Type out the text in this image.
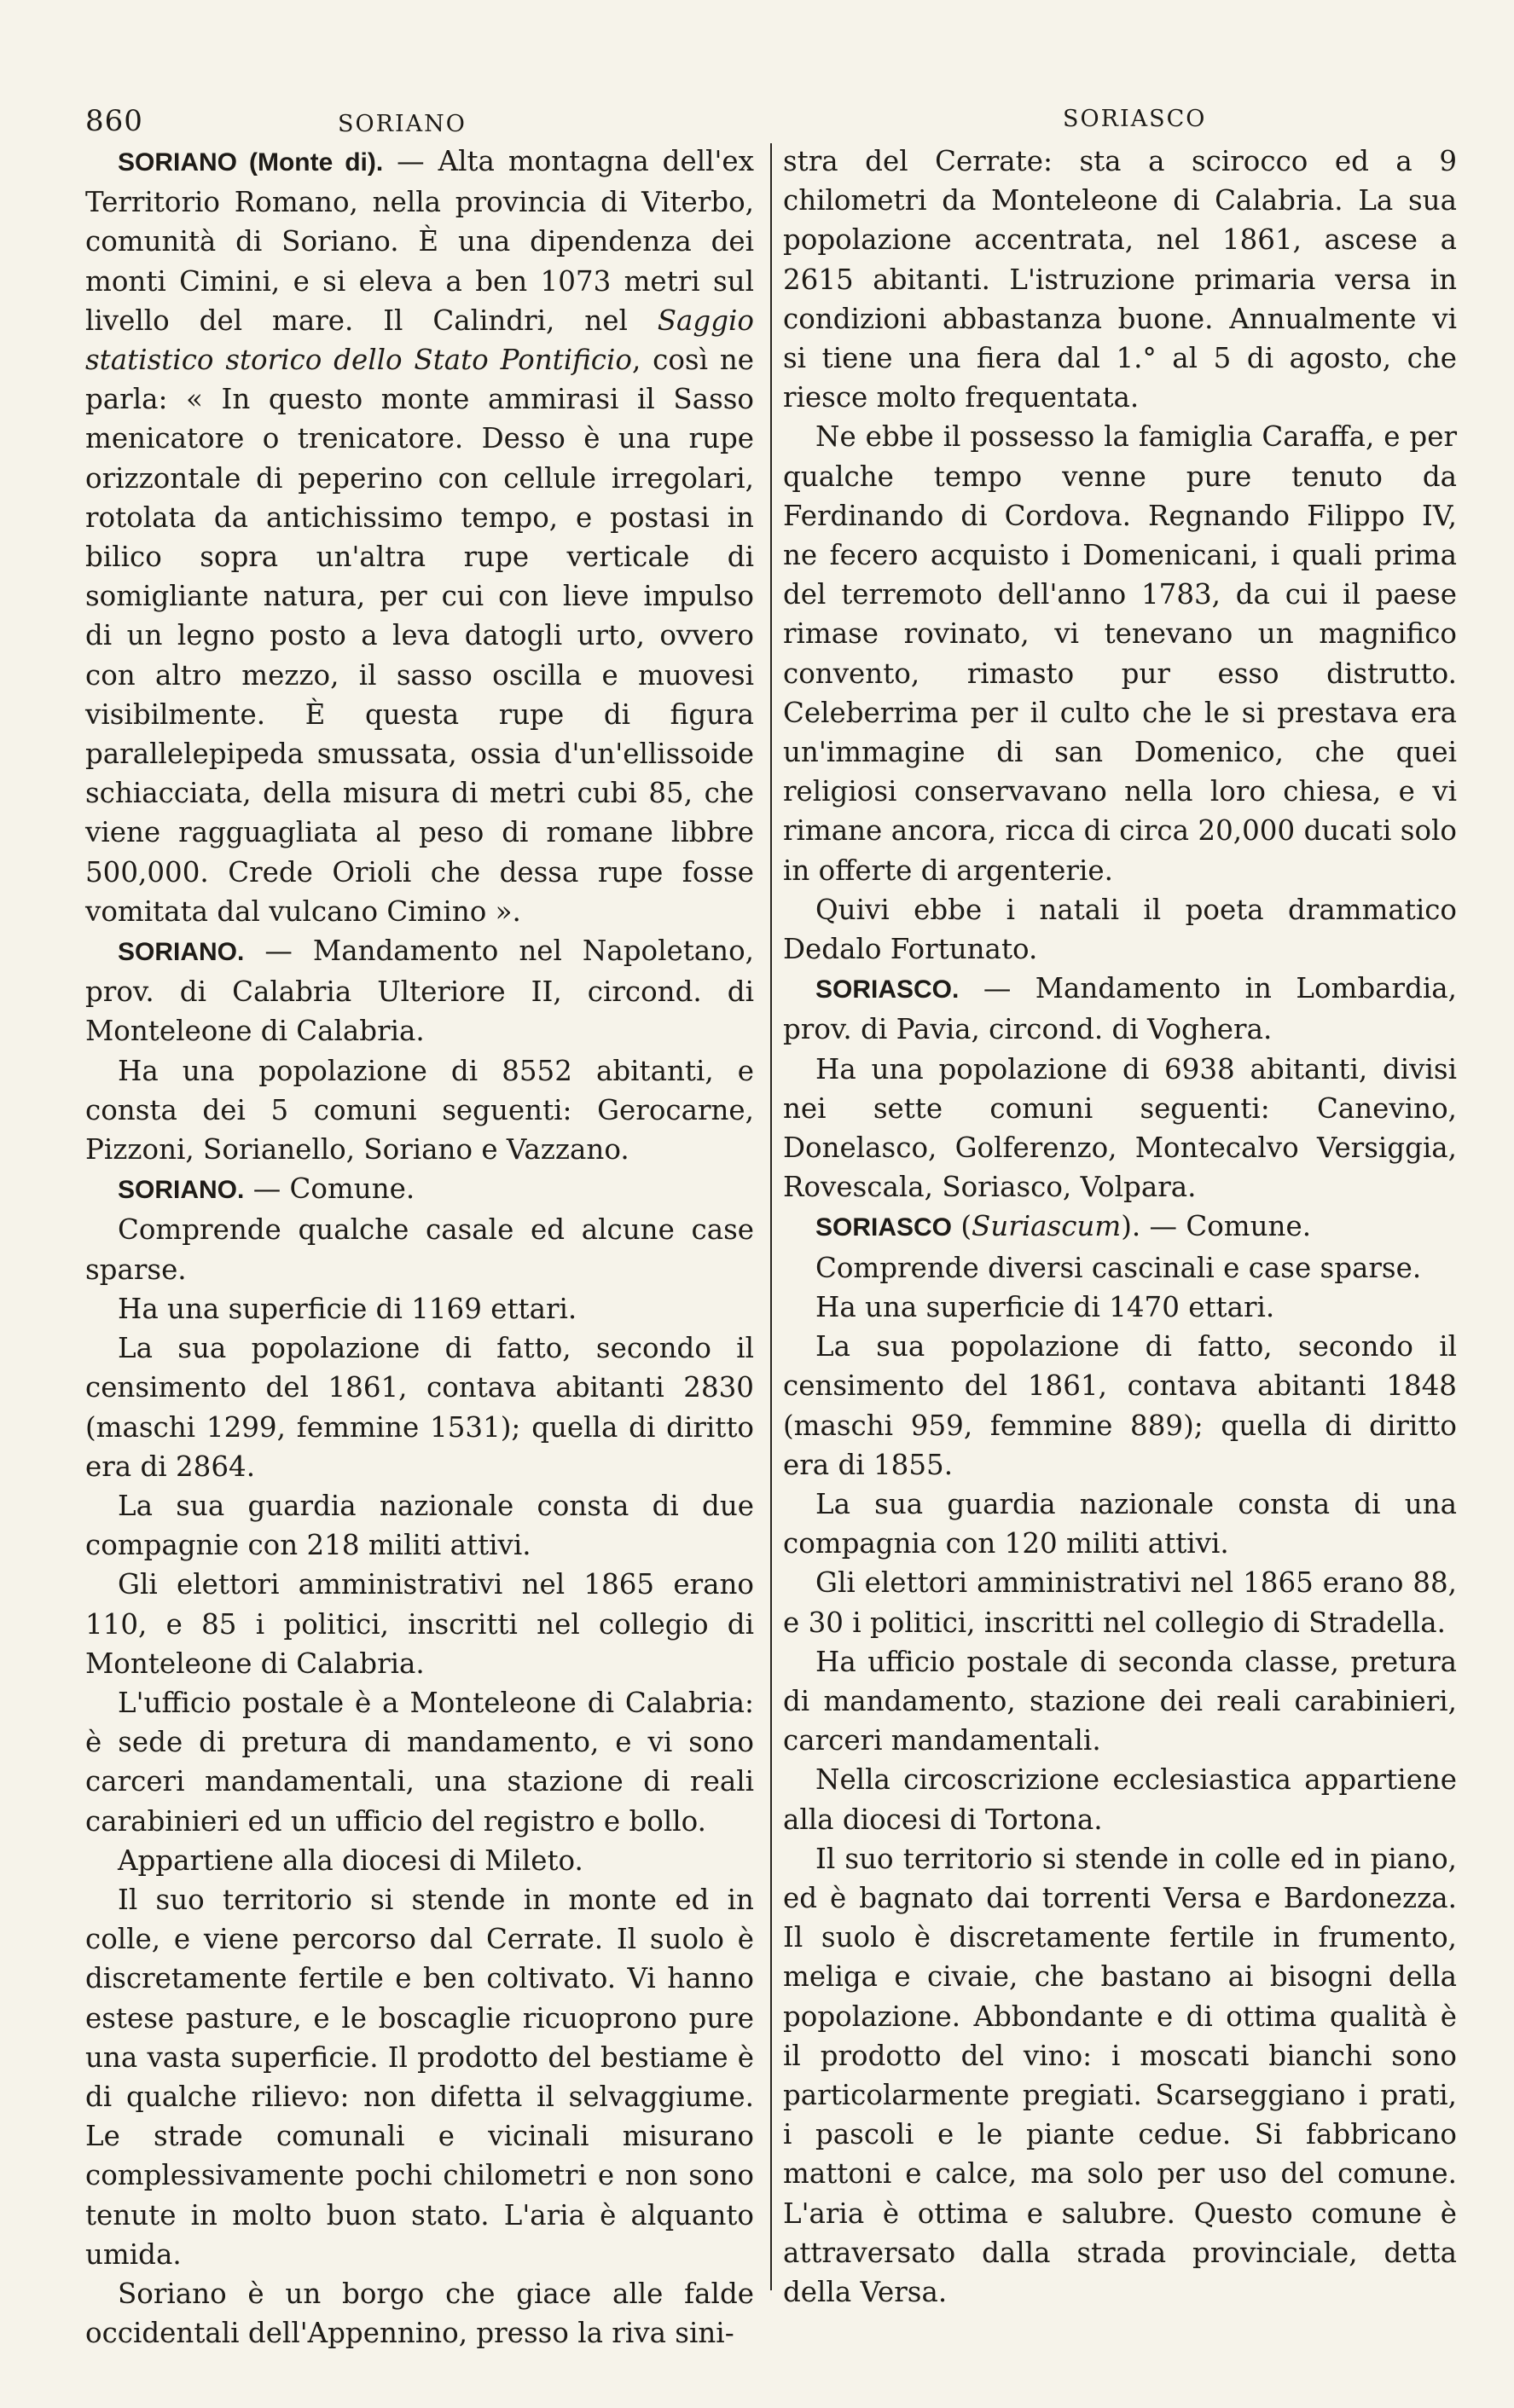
860	SORIANO	SORIASCO

SORIANO (Monte di). — Alta montagna dell'ex Territorio Romano, nella provincia di Viterbo, comunità di Soriano. È una dipendenza dei monti Cimini, e si eleva a ben 1073 metri sul livello del mare. Il Calindri, nel Saggio statistico storico dello Stato Pontificio, così ne parla: « In questo monte ammirasi il Sasso menicatore o trenicatore. Desso è una rupe orizzontale di peperino con cellule irregolari, rotolata da antichissimo tempo, e postasi in bilico sopra un'altra rupe verticale di somigliante natura, per cui con lieve impulso di un legno posto a leva datogli urto, ovvero con altro mezzo, il sasso oscilla e muovesi visibilmente. È questa rupe di figura parallelepipeda smussata, ossia d'un'ellissoide schiacciata, della misura di metri cubi 85, che viene ragguagliata al peso di romane libbre 500,000. Crede Orioli che dessa rupe fosse vomitata dal vulcano Cimino ».

SORIANO. — Mandamento nel Napoletano, prov. di Calabria Ulteriore II, circond. di Monteleone di Calabria.

Ha una popolazione di 8552 abitanti, e consta dei 5 comuni seguenti: Gerocarne, Pizzoni, Sorianello, Soriano e Vazzano.

SORIANO. — Comune.

Comprende qualche casale ed alcune case sparse.

Ha una superficie di 1169 ettari.

La sua popolazione di fatto, secondo il censimento del 1861, contava abitanti 2830 (maschi 1299, femmine 1531); quella di diritto era di 2864.

La sua guardia nazionale consta di due compagnie con 218 militi attivi.

Gli elettori amministrativi nel 1865 erano 110, e 85 i politici, inscritti nel collegio di Monteleone di Calabria.

L'ufficio postale è a Monteleone di Calabria: è sede di pretura di mandamento, e vi sono carceri mandamentali, una stazione di reali carabinieri ed un ufficio del registro e bollo.

Appartiene alla diocesi di Mileto.

Il suo territorio si stende in monte ed in colle, e viene percorso dal Cerrate. Il suolo è discretamente fertile e ben coltivato. Vi hanno estese pasture, e le boscaglie ricuoprono pure una vasta superficie. Il prodotto del bestiame è di qualche rilievo: non difetta il selvaggiume. Le strade comunali e vicinali misurano complessivamente pochi chilometri e non sono tenute in molto buon stato. L'aria è alquanto umida.

Soriano è un borgo che giace alle falde occidentali dell'Appennino, presso la riva sini-

stra del Cerrate: sta a scirocco ed a 9 chilometri da Monteleone di Calabria. La sua popolazione accentrata, nel 1861, ascese a 2615 abitanti. L'istruzione primaria versa in condizioni abbastanza buone. Annualmente vi si tiene una fiera dal 1.° al 5 di agosto, che riesce molto frequentata.

Ne ebbe il possesso la famiglia Caraffa, e per qualche tempo venne pure tenuto da Ferdinando di Cordova. Regnando Filippo IV, ne fecero acquisto i Domenicani, i quali prima del terremoto dell'anno 1783, da cui il paese rimase rovinato, vi tenevano un magnifico convento, rimasto pur esso distrutto. Celeberrima per il culto che le si prestava era un'immagine di san Domenico, che quei religiosi conservavano nella loro chiesa, e vi rimane ancora, ricca di circa 20,000 ducati solo in offerte di argenterie.

Quivi ebbe i natali il poeta drammatico Dedalo Fortunato.

SORIASCO. — Mandamento in Lombardia, prov. di Pavia, circond. di Voghera.

Ha una popolazione di 6938 abitanti, divisi nei sette comuni seguenti: Canevino, Donelasco, Golferenzo, Montecalvo Versiggia, Rovescala, Soriasco, Volpara.

SORIASCO (Suriascum). — Comune.

Comprende diversi cascinali e case sparse.

Ha una superficie di 1470 ettari.

La sua popolazione di fatto, secondo il censimento del 1861, contava abitanti 1848 (maschi 959, femmine 889); quella di diritto era di 1855.

La sua guardia nazionale consta di una compagnia con 120 militi attivi.

Gli elettori amministrativi nel 1865 erano 88, e 30 i politici, inscritti nel collegio di Stradella.

Ha ufficio postale di seconda classe, pretura di mandamento, stazione dei reali carabinieri, carceri mandamentali.

Nella circoscrizione ecclesiastica appartiene alla diocesi di Tortona.

Il suo territorio si stende in colle ed in piano, ed è bagnato dai torrenti Versa e Bardonezza. Il suolo è discretamente fertile in frumento, meliga e civaie, che bastano ai bisogni della popolazione. Abbondante e di ottima qualità è il prodotto del vino: i moscati bianchi sono particolarmente pregiati. Scarseggiano i prati, i pascoli e le piante cedue. Si fabbricano mattoni e calce, ma solo per uso del comune. L'aria è ottima e salubre. Questo comune è attraversato dalla strada provinciale, detta della Versa.
